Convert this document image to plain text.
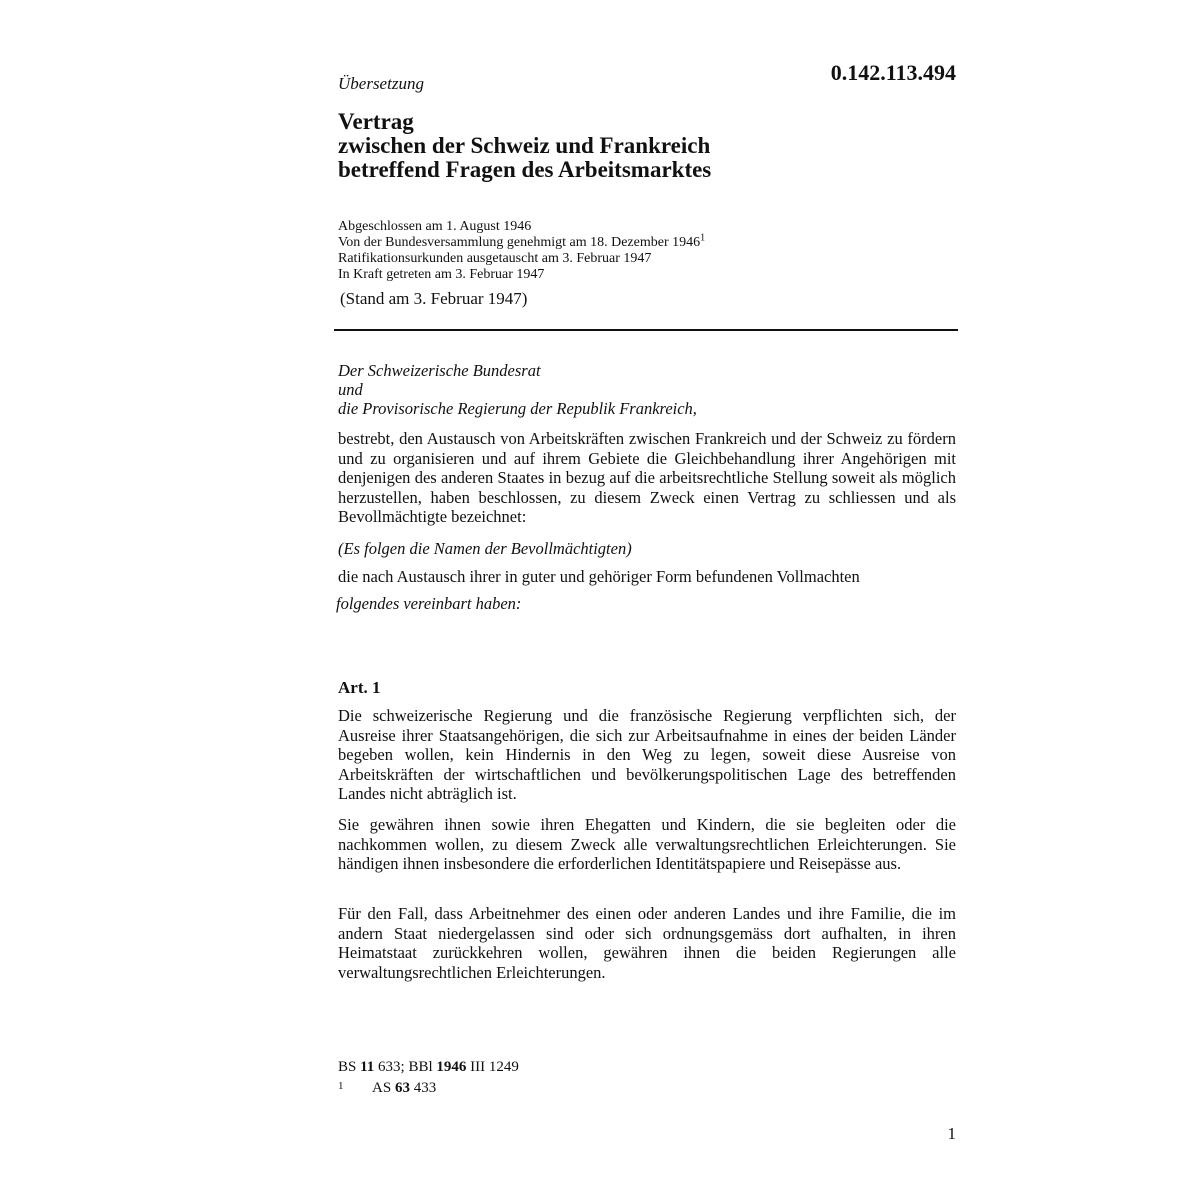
Übersetzung	0.142.113.494
Vertrag
zwischen der Schweiz und Frankreich
betreffend Fragen des Arbeitsmarktes
Abgeschlossen am 1. August 1946
Von der Bundesversammlung genehmigt am 18. Dezember 1946$^1$
Ratifikationsurkunden ausgetauscht am 3. Februar 1947
In Kraft getreten am 3. Februar 1947
(Stand am 3. Februar 1947)
Der Schweizerische Bundesrat
und
die Provisorische Regierung der Republik Frankreich,
bestrebt, den Austausch von Arbeitskräften zwischen Frankreich und der Schweiz zu fördern und zu organisieren und auf ihrem Gebiete die Gleichbehandlung ihrer Angehörigen mit denjenigen des anderen Staates in bezug auf die arbeitsrechtliche Stellung soweit als möglich herzustellen, haben beschlossen, zu diesem Zweck einen Vertrag zu schliessen und als Bevollmächtigte bezeichnet:
(Es folgen die Namen der Bevollmächtigten)
die nach Austausch ihrer in guter und gehöriger Form befundenen Vollmachten
folgendes vereinbart haben:
Art. 1
Die schweizerische Regierung und die französische Regierung verpflichten sich, der Ausreise ihrer Staatsangehörigen, die sich zur Arbeitsaufnahme in eines der beiden Länder begeben wollen, kein Hindernis in den Weg zu legen, soweit diese Ausreise von Arbeitskräften der wirtschaftlichen und bevölkerungspolitischen Lage des betreffenden Landes nicht abträglich ist.
Sie gewähren ihnen sowie ihren Ehegatten und Kindern, die sie begleiten oder die nachkommen wollen, zu diesem Zweck alle verwaltungsrechtlichen Erleichterungen. Sie händigen ihnen insbesondere die erforderlichen Identitätspapiere und Reisepässe aus.
Für den Fall, dass Arbeitnehmer des einen oder anderen Landes und ihre Familie, die im andern Staat niedergelassen sind oder sich ordnungsgemäss dort aufhalten, in ihren Heimatstaat zurückkehren wollen, gewähren ihnen die beiden Regierungen alle verwaltungsrechtlichen Erleichterungen.
BS 11 633; BBl 1946 III 1249
1 AS 63 433
1
